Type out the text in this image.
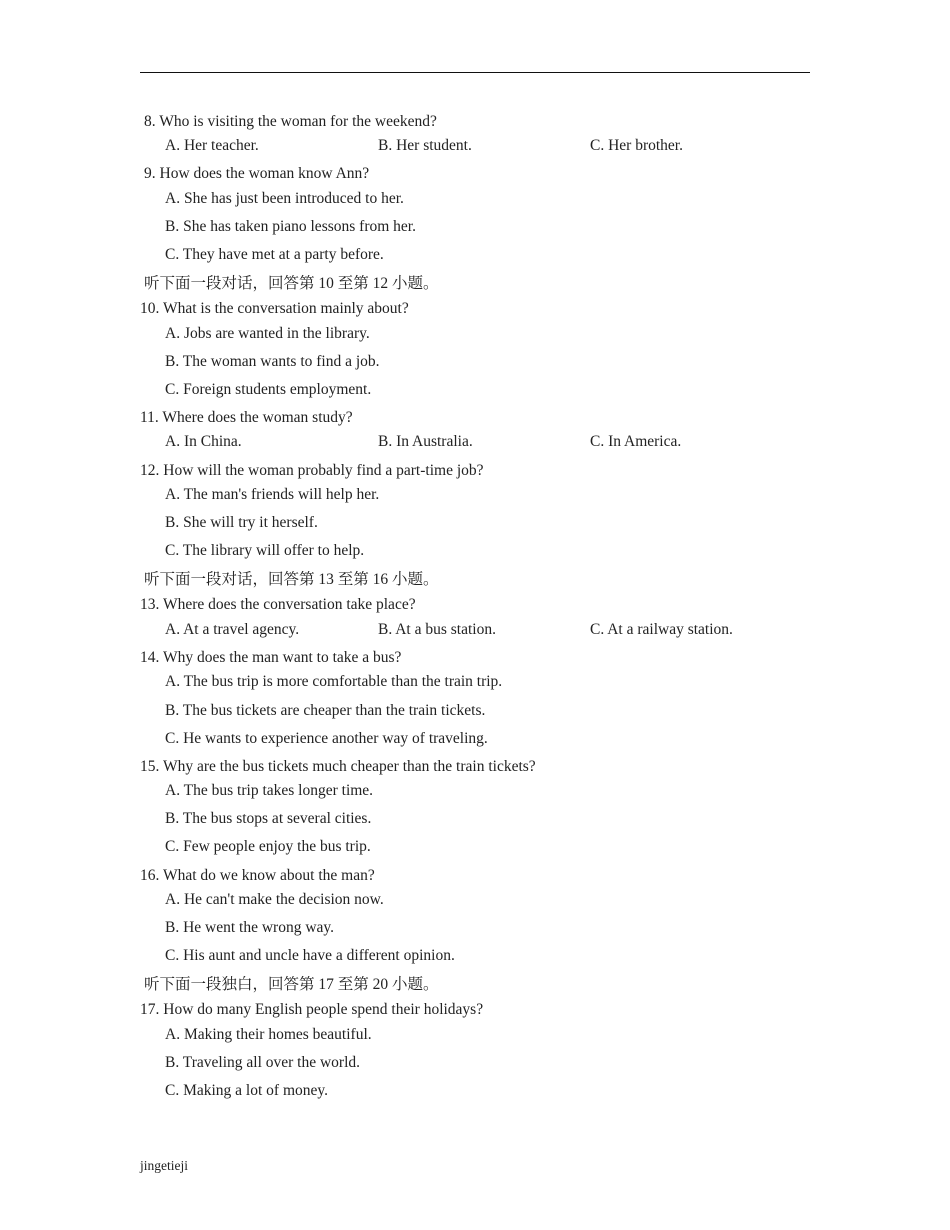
8. Who is visiting the woman for the weekend?
A. Her teacher.	B. Her student.	C. Her brother.
9. How does the woman know Ann?
A. She has just been introduced to her.
B. She has taken piano lessons from her.
C. They have met at a party before.
听下面一段对话，回答第 10 至第 12 小题。
10. What is the conversation mainly about?
A. Jobs are wanted in the library.
B. The woman wants to find a job.
C. Foreign students employment.
11. Where does the woman study?
A. In China.	B. In Australia.	C. In America.
12. How will the woman probably find a part-time job?
A. The man's friends will help her.
B. She will try it herself.
C. The library will offer to help.
听下面一段对话，回答第 13 至第 16 小题。
13. Where does the conversation take place?
A. At a travel agency.	B. At a bus station.	C. At a railway station.
14. Why does the man want to take a bus?
A. The bus trip is more comfortable than the train trip.
B. The bus tickets are cheaper than the train tickets.
C. He wants to experience another way of traveling.
15. Why are the bus tickets much cheaper than the train tickets?
A. The bus trip takes longer time.
B. The bus stops at several cities.
C. Few people enjoy the bus trip.
16. What do we know about the man?
A. He can't make the decision now.
B. He went the wrong way.
C. His aunt and uncle have a different opinion.
听下面一段独白，回答第 17 至第 20 小题。
17. How do many English people spend their holidays?
A. Making their homes beautiful.
B. Traveling all over the world.
C. Making a lot of money.
jingetieji
